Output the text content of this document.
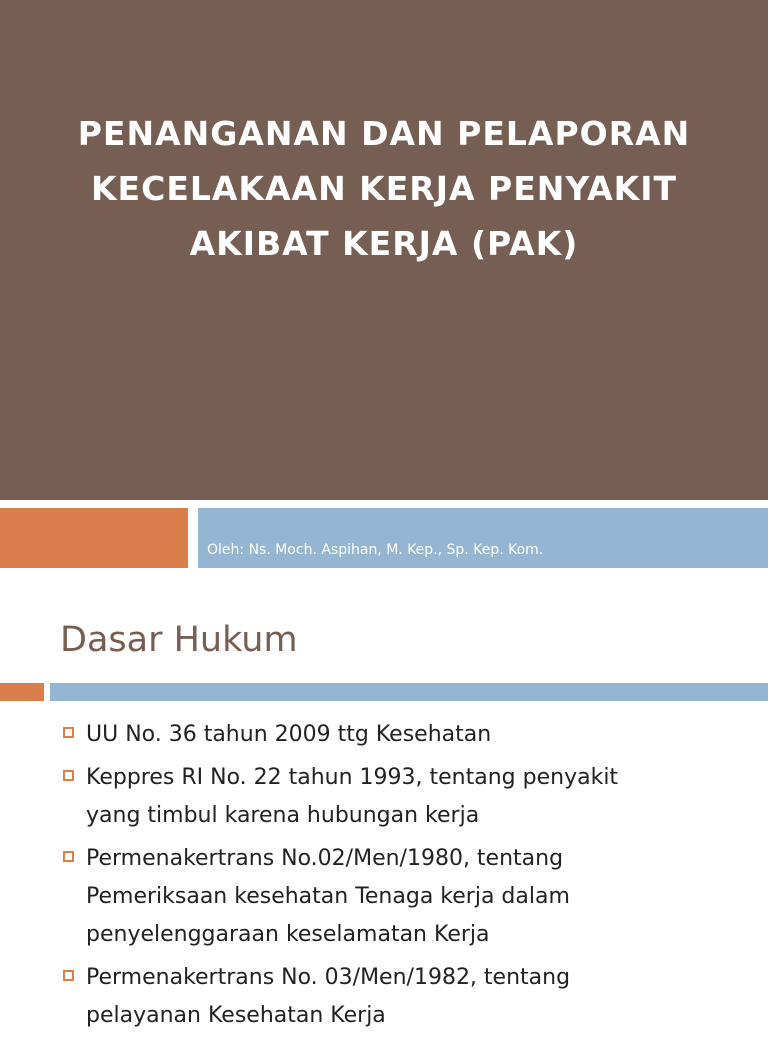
PENANGANAN DAN PELAPORAN
KECELAKAAN KERJA PENYAKIT
AKIBAT KERJA (PAK)
Oleh: Ns. Moch. Aspihan, M. Kep., Sp. Kep. Kom.
Dasar Hukum
UU No. 36 tahun 2009 ttg Kesehatan
Keppres RI No. 22 tahun 1993, tentang penyakit
yang timbul karena hubungan kerja
Permenakertrans No.02/Men/1980, tentang
Pemeriksaan kesehatan Tenaga kerja dalam
penyelenggaraan keselamatan Kerja
Permenakertrans No. 03/Men/1982, tentang
pelayanan Kesehatan Kerja
